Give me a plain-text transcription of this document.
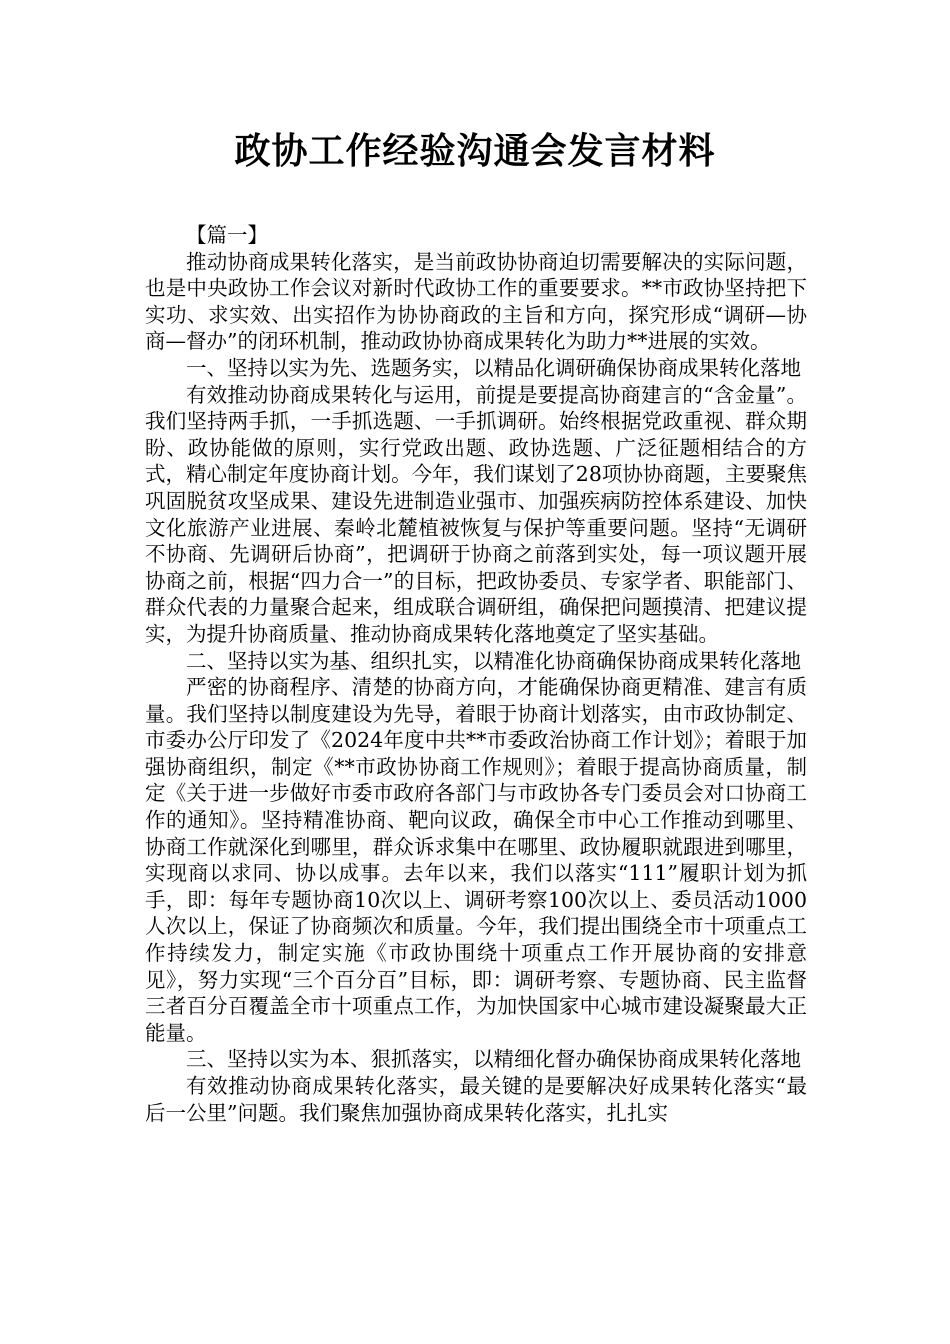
政协工作经验沟通会发言材料

【篇一】

推动协商成果转化落实，是当前政协协商迫切需要解决的实际问题，也是中央政协工作会议对新时代政协工作的重要要求。**市政协坚持把下实功、求实效、出实招作为协协商政的主旨和方向，探究形成“调研—协商—督办”的闭环机制，推动政协协商成果转化为助力**进展的实效。

一、坚持以实为先、选题务实，以精品化调研确保协商成果转化落地

有效推动协商成果转化与运用，前提是要提高协商建言的“含金量”。我们坚持两手抓，一手抓选题、一手抓调研。始终根据党政重视、群众期盼、政协能做的原则，实行党政出题、政协选题、广泛征题相结合的方式，精心制定年度协商计划。今年，我们谋划了28项协协商题，主要聚焦巩固脱贫攻坚成果、建设先进制造业强市、加强疾病防控体系建设、加快文化旅游产业进展、秦岭北麓植被恢复与保护等重要问题。坚持“无调研不协商、先调研后协商”，把调研于协商之前落到实处，每一项议题开展协商之前，根据“四力合一”的目标，把政协委员、专家学者、职能部门、群众代表的力量聚合起来，组成联合调研组，确保把问题摸清、把建议提实，为提升协商质量、推动协商成果转化落地奠定了坚实基础。

二、坚持以实为基、组织扎实，以精准化协商确保协商成果转化落地

严密的协商程序、清楚的协商方向，才能确保协商更精准、建言有质量。我们坚持以制度建设为先导，着眼于协商计划落实，由市政协制定、市委办公厅印发了《2024年度中共**市委政治协商工作计划》；着眼于加强协商组织，制定《**市政协协商工作规则》；着眼于提高协商质量，制定《关于进一步做好市委市政府各部门与市政协各专门委员会对口协商工作的通知》。坚持精准协商、靶向议政，确保全市中心工作推动到哪里、协商工作就深化到哪里，群众诉求集中在哪里、政协履职就跟进到哪里，实现商以求同、协以成事。去年以来，我们以落实“111”履职计划为抓手，即：每年专题协商10次以上、调研考察100次以上、委员活动1000人次以上，保证了协商频次和质量。今年，我们提出围绕全市十项重点工作持续发力，制定实施《市政协围绕十项重点工作开展协商的安排意见》，努力实现“三个百分百”目标，即：调研考察、专题协商、民主监督三者百分百覆盖全市十项重点工作，为加快国家中心城市建设凝聚最大正能量。

三、坚持以实为本、狠抓落实，以精细化督办确保协商成果转化落地

有效推动协商成果转化落实，最关键的是要解决好成果转化落实“最后一公里”问题。我们聚焦加强协商成果转化落实，扎扎实
